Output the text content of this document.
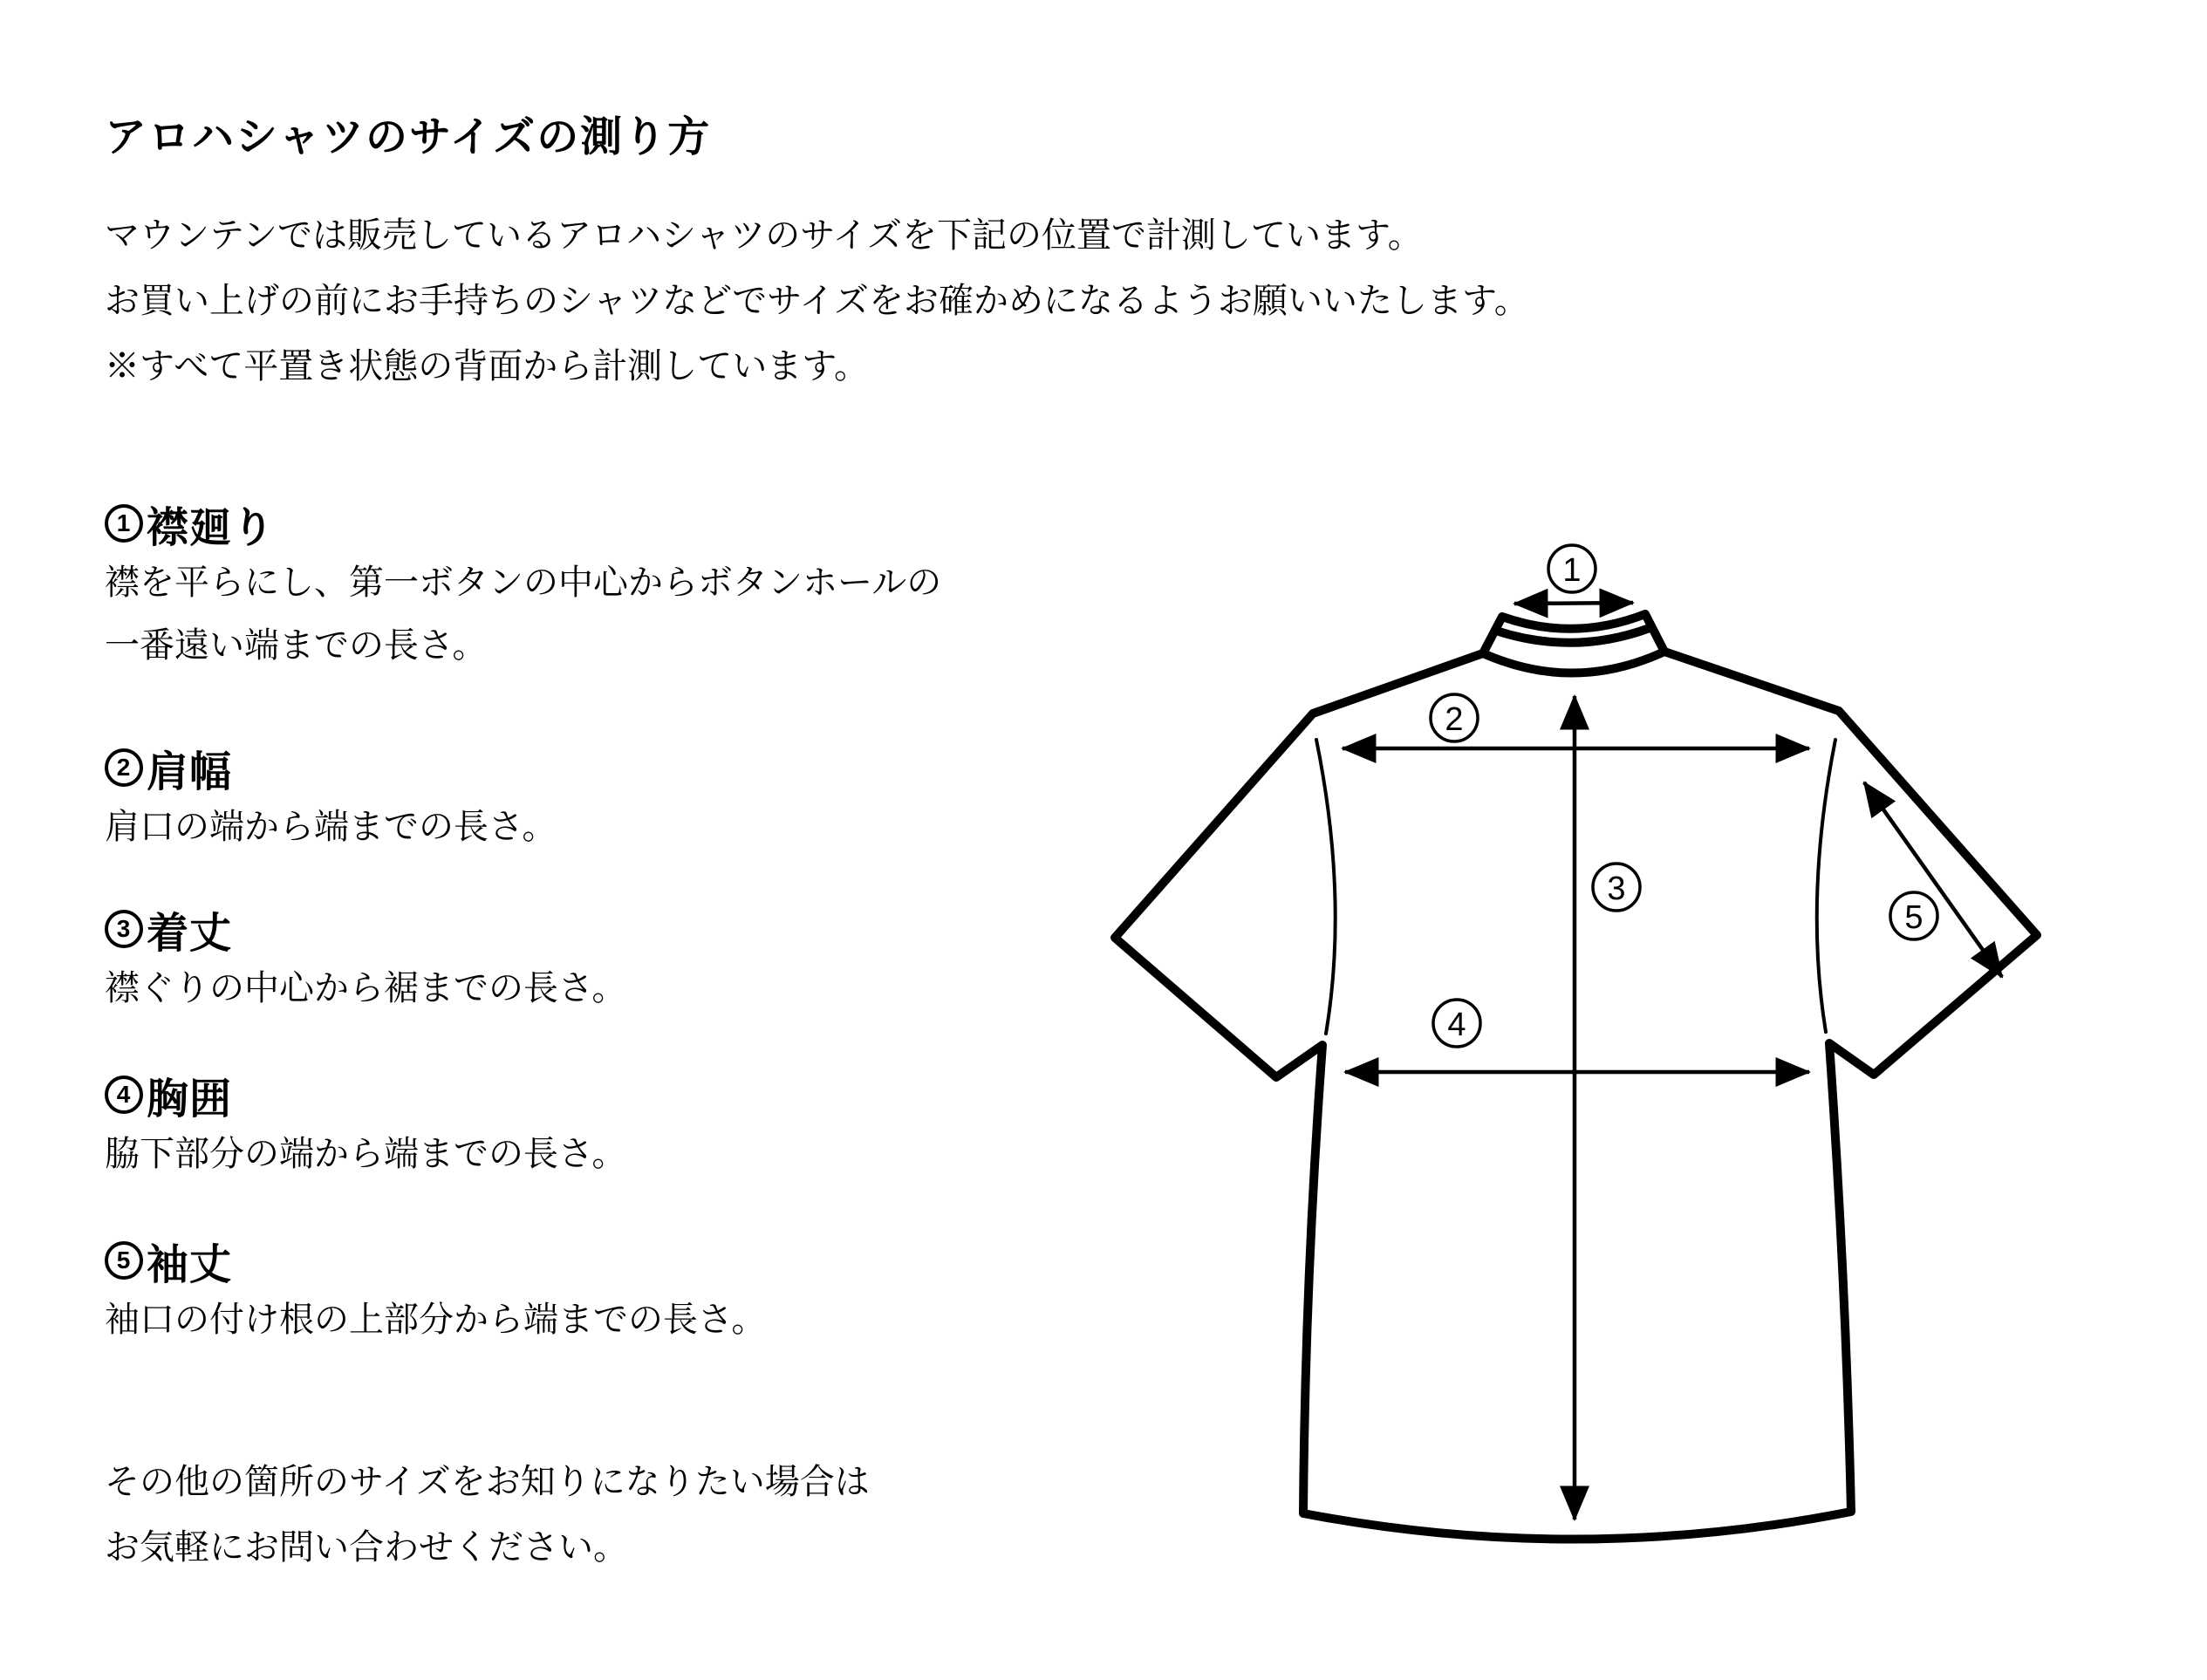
アロハシャツのサイズの測り方
マウンテンでは販売しているアロハシャツのサイズを下記の位置で計測しています。
お買い上げの前にお手持ちのシャツなどでサイズをお確かめになるようお願いいたします。
※すべて平置き状態の背面から計測しています。
1 襟廻り

襟を平らにし、第一ボタンの中心からボタンホールの
一番遠い端までの長さ。

2 肩幅

肩口の端から端までの長さ。

3 着丈

襟ぐりの中心から裾までの長さ。

4 胸囲

脇下部分の端から端までの長さ。

5 袖丈

袖口の付け根の上部分から端までの長さ。

その他の箇所のサイズをお知りになりたい場合は
お気軽にお問い合わせください。
1
2
3
4
5
